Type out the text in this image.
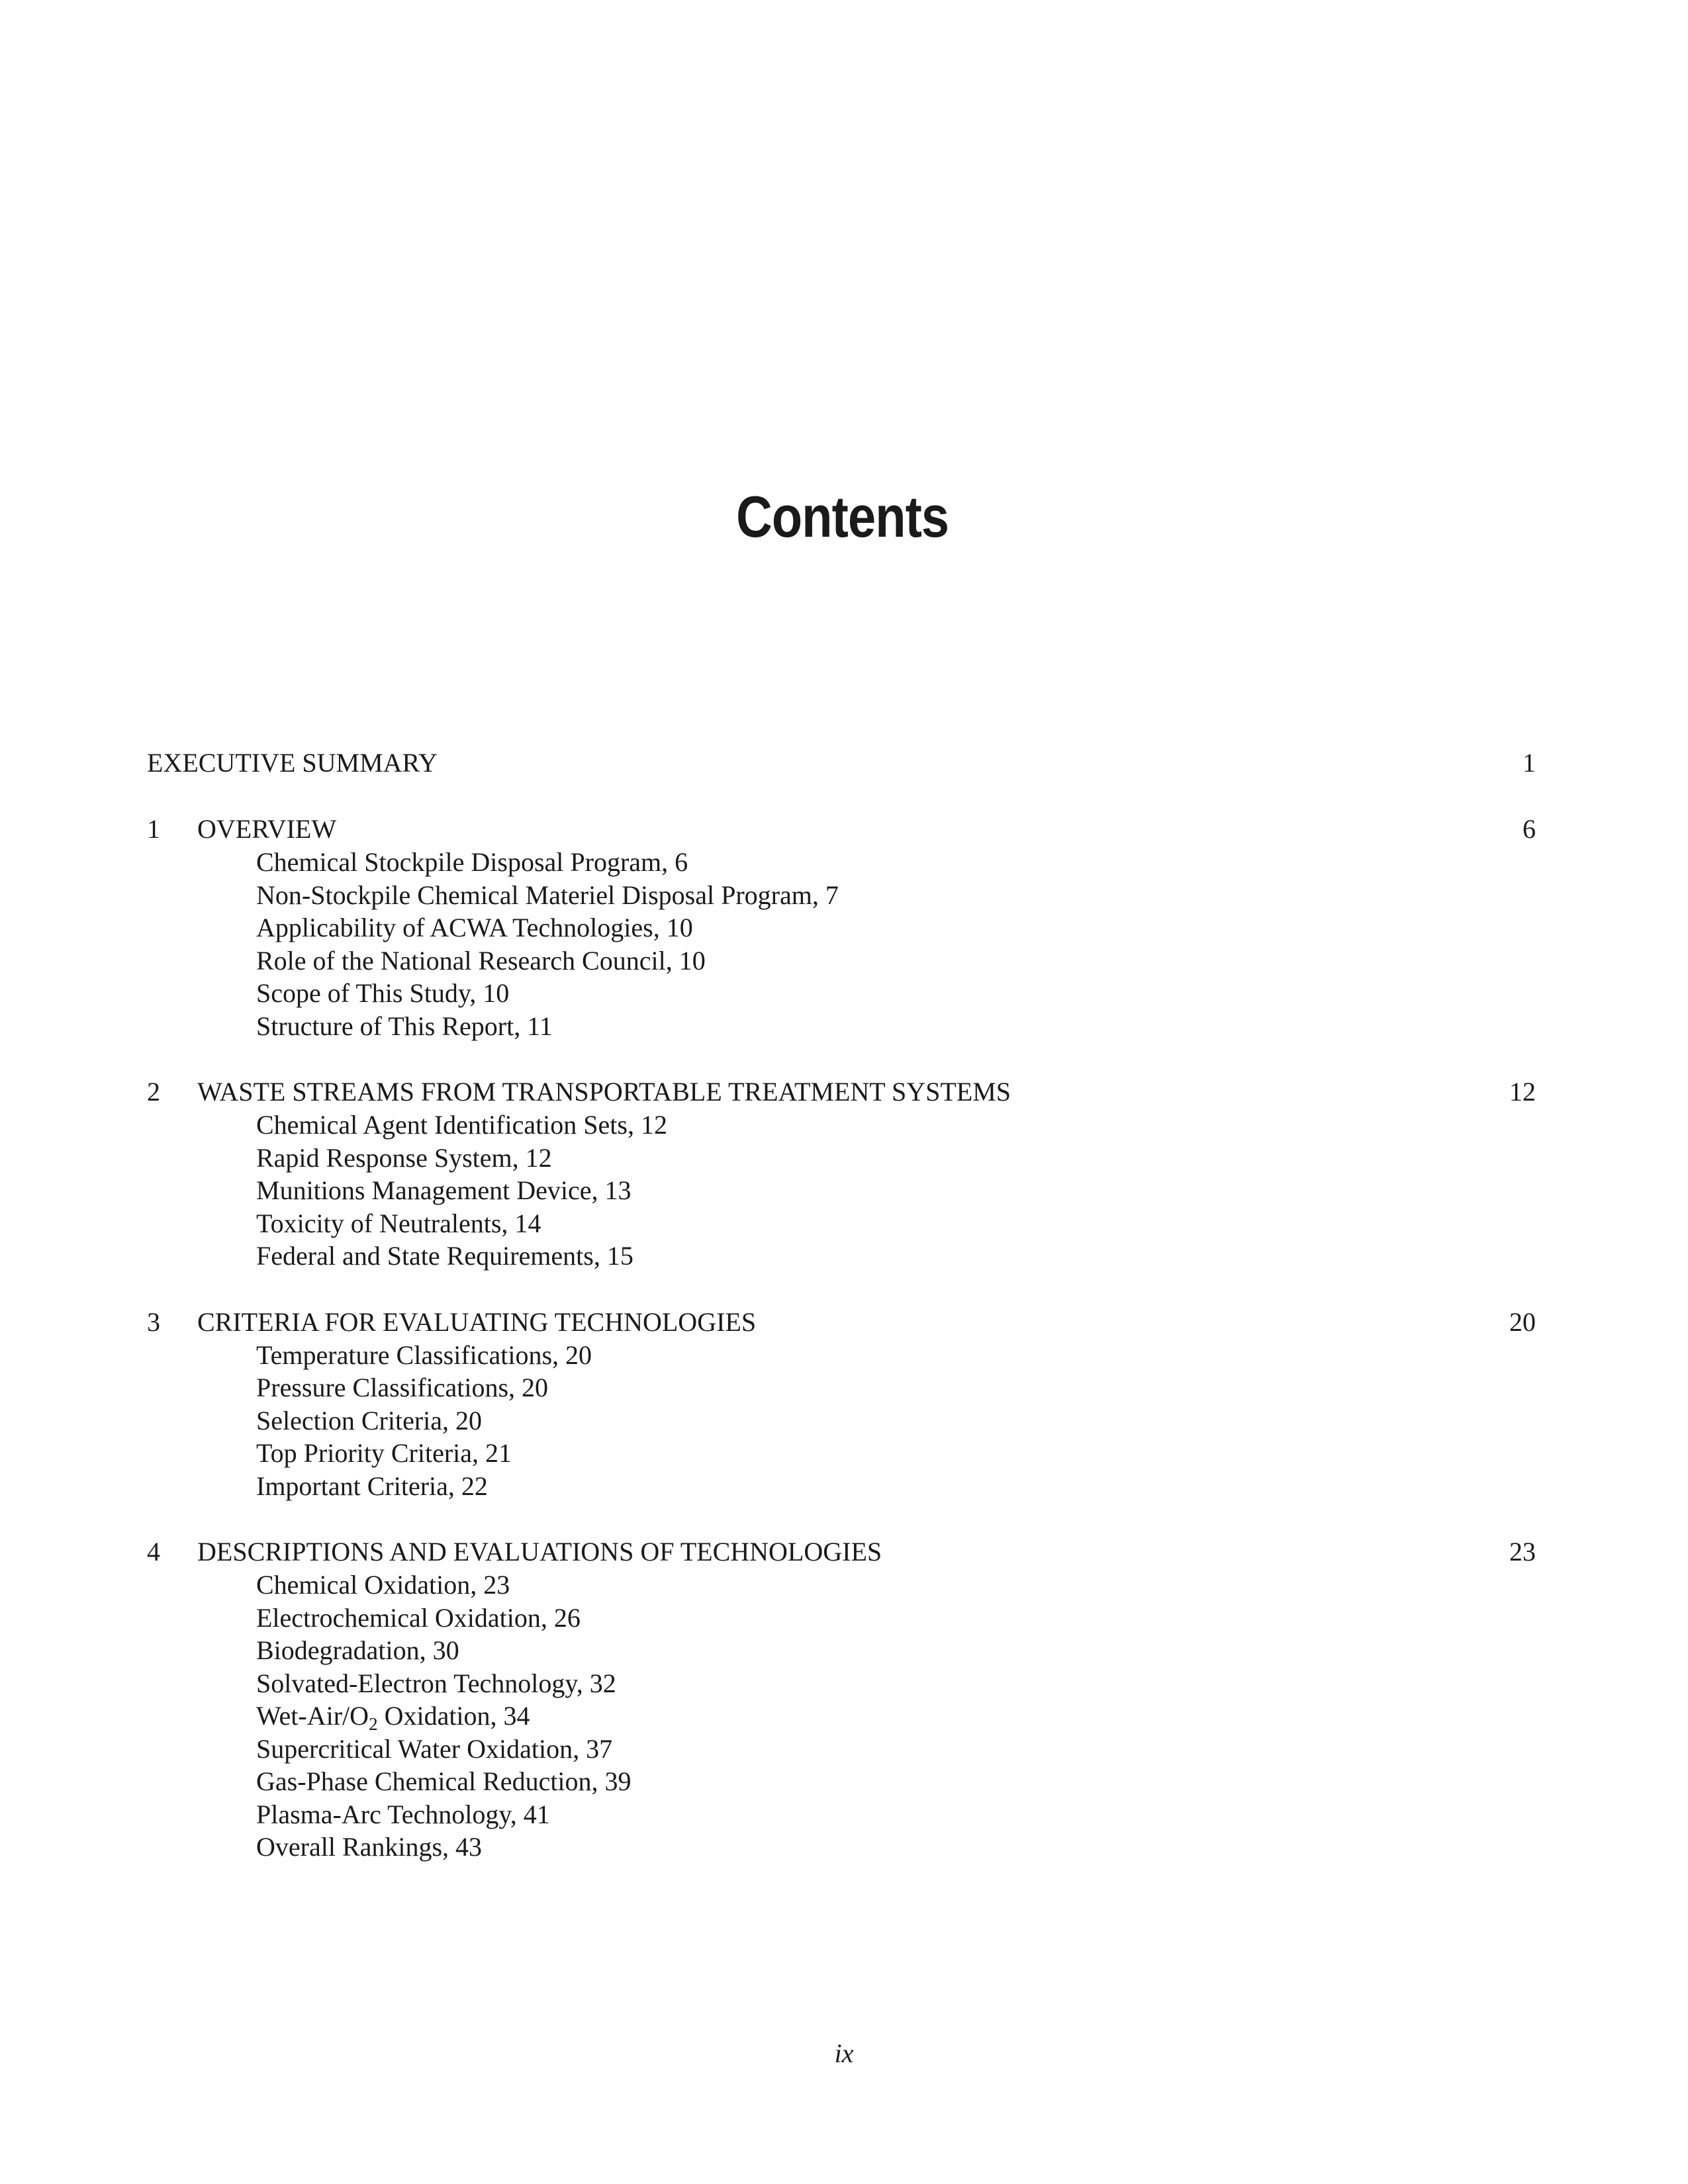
Contents
EXECUTIVE SUMMARY	1
1 OVERVIEW	6
Chemical Stockpile Disposal Program, 6
Non-Stockpile Chemical Materiel Disposal Program, 7
Applicability of ACWA Technologies, 10
Role of the National Research Council, 10
Scope of This Study, 10
Structure of This Report, 11
2 WASTE STREAMS FROM TRANSPORTABLE TREATMENT SYSTEMS	12
Chemical Agent Identification Sets, 12
Rapid Response System, 12
Munitions Management Device, 13
Toxicity of Neutralents, 14
Federal and State Requirements, 15
3 CRITERIA FOR EVALUATING TECHNOLOGIES	20
Temperature Classifications, 20
Pressure Classifications, 20
Selection Criteria, 20
Top Priority Criteria, 21
Important Criteria, 22
4 DESCRIPTIONS AND EVALUATIONS OF TECHNOLOGIES	23
Chemical Oxidation, 23
Electrochemical Oxidation, 26
Biodegradation, 30
Solvated-Electron Technology, 32
Wet-$Air/O_2$ Oxidation, 34
Supercritical Water Oxidation, 37
Gas-Phase Chemical Reduction, 39
Plasma-Arc Technology, 41
Overall Rankings, 43
ix
